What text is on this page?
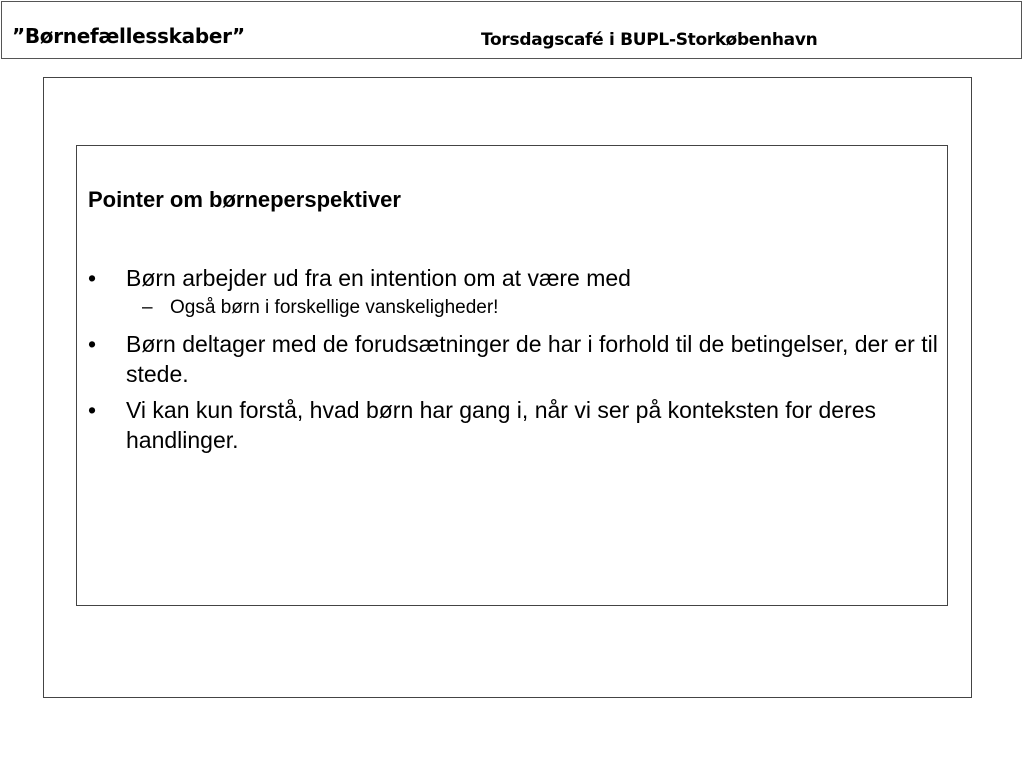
”Børnefællesskaber”	Torsdagscafé i BUPL-Storkøbenhavn
Pointer om børneperspektiver
•	Børn arbejder ud fra en intention om at være med
– Også børn i forskellige vanskeligheder!
•	Børn deltager med de forudsætninger de har i forhold til de betingelser, der er til stede.
•	Vi kan kun forstå, hvad børn har gang i, når vi ser på konteksten for deres handlinger.
